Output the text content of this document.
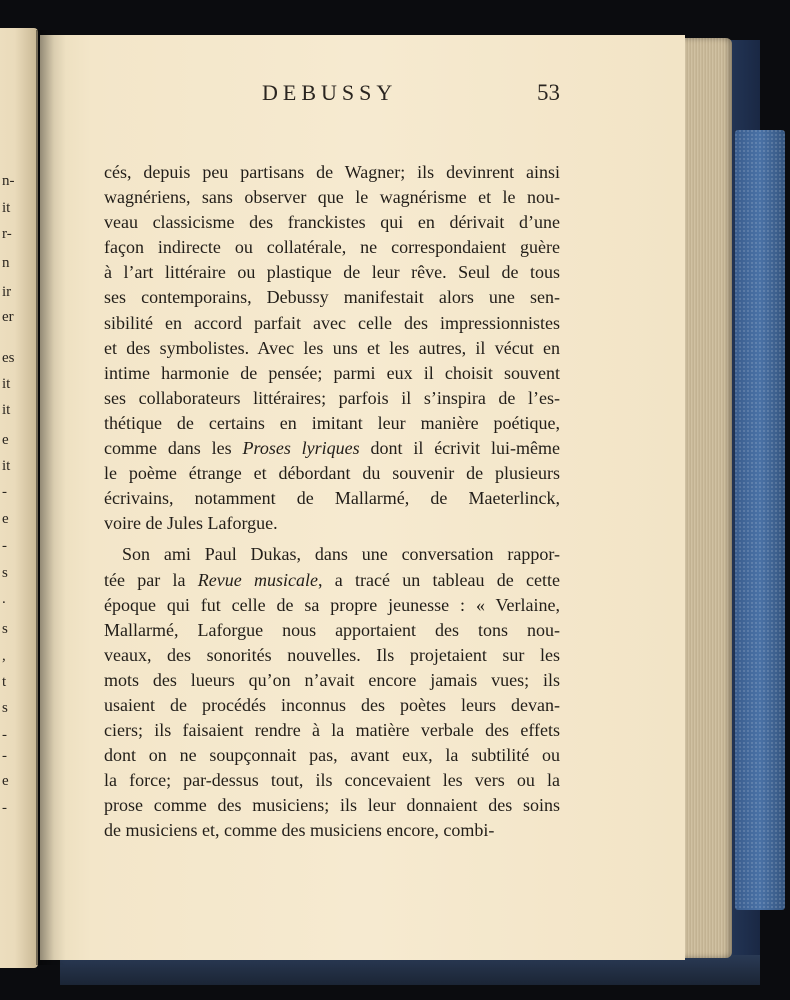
n-
it
r-
n
ir
er
es
it
it
e
it
-
e
-
s
.
s
,
t
s
-
-
e
-
DEBUSSY	53
cés, depuis peu partisans de Wagner; ils devinrent ainsi
wagnériens, sans observer que le wagnérisme et le nou-
veau classicisme des franckistes qui en dérivait d’une
façon indirecte ou collatérale, ne correspondaient guère
à l’art littéraire ou plastique de leur rêve. Seul de tous
ses contemporains, Debussy manifestait alors une sen-
sibilité en accord parfait avec celle des impressionnistes
et des symbolistes. Avec les uns et les autres, il vécut en
intime harmonie de pensée; parmi eux il choisit souvent
ses collaborateurs littéraires; parfois il s’inspira de l’es-
thétique de certains en imitant leur manière poétique,
comme dans les Proses lyriques dont il écrivit lui-même
le poème étrange et débordant du souvenir de plusieurs
écrivains, notamment de Mallarmé, de Maeterlinck,
voire de Jules Laforgue.
Son ami Paul Dukas, dans une conversation rappor-
tée par la Revue musicale, a tracé un tableau de cette
époque qui fut celle de sa propre jeunesse : « Verlaine,
Mallarmé, Laforgue nous apportaient des tons nou-
veaux, des sonorités nouvelles. Ils projetaient sur les
mots des lueurs qu’on n’avait encore jamais vues; ils
usaient de procédés inconnus des poètes leurs devan-
ciers; ils faisaient rendre à la matière verbale des effets
dont on ne soupçonnait pas, avant eux, la subtilité ou
la force; par-dessus tout, ils concevaient les vers ou la
prose comme des musiciens; ils leur donnaient des soins
de musiciens et, comme des musiciens encore, combi-
